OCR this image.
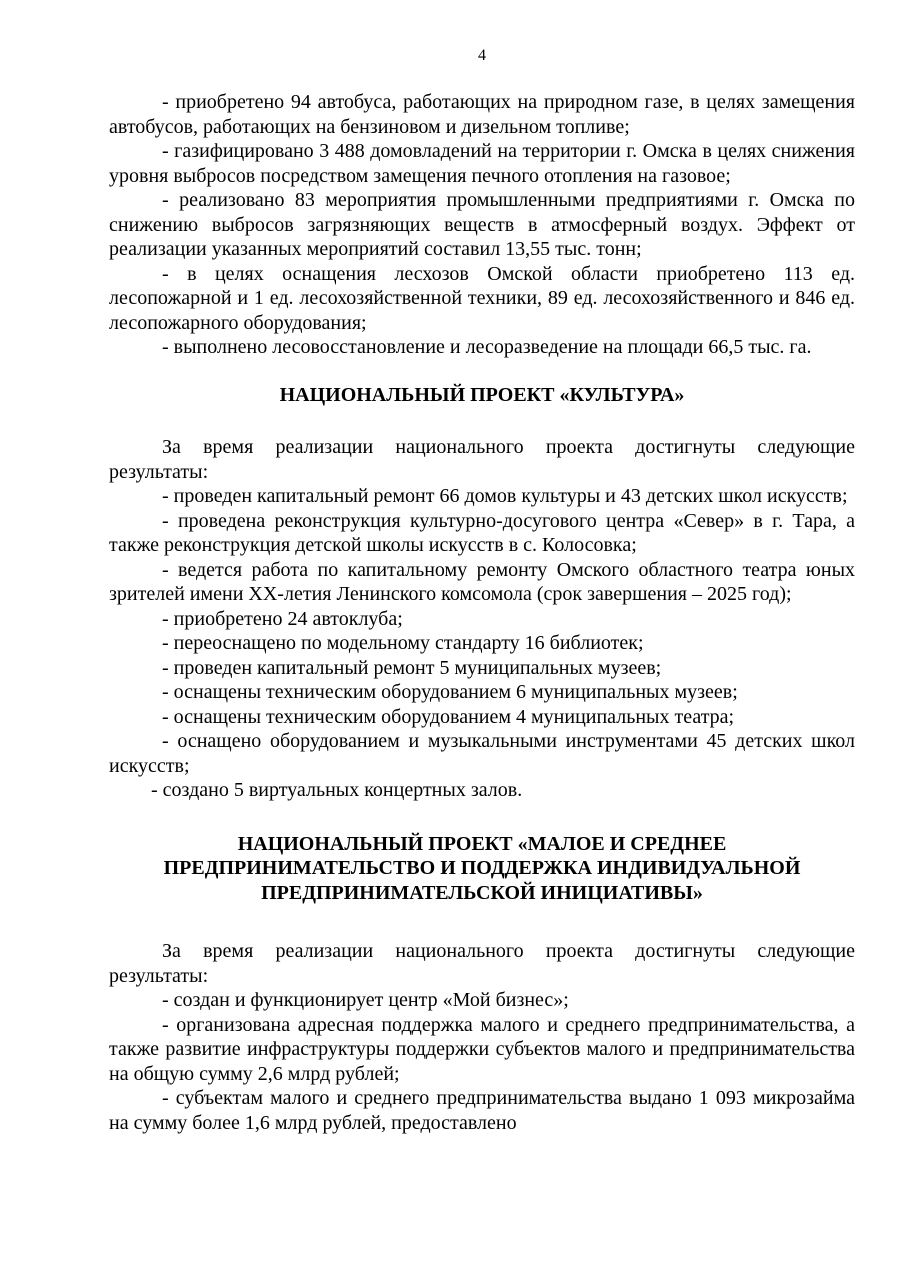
4

- приобретено 94 автобуса, работающих на природном газе, в целях замещения автобусов, работающих на бензиновом и дизельном топливе;

- газифицировано 3 488 домовладений на территории г. Омска в целях снижения уровня выбросов посредством замещения печного отопления на газовое;

- реализовано 83 мероприятия промышленными предприятиями г. Омска по снижению выбросов загрязняющих веществ в атмосферный воздух. Эффект от реализации указанных мероприятий составил 13,55 тыс. тонн;

- в целях оснащения лесхозов Омской области приобретено 113 ед. лесопожарной и 1 ед. лесохозяйственной техники, 89 ед. лесохозяйственного и 846 ед. лесопожарного оборудования;

- выполнено лесовосстановление и лесоразведение на площади 66,5 тыс. га.

НАЦИОНАЛЬНЫЙ ПРОЕКТ «КУЛЬТУРА»

За время реализации национального проекта достигнуты следующие результаты:

- проведен капитальный ремонт 66 домов культуры и 43 детских школ искусств;

- проведена реконструкция культурно-досугового центра «Север» в г. Тара, а также реконструкция детской школы искусств в с. Колосовка;

- ведется работа по капитальному ремонту Омского областного театра юных зрителей имени XX-летия Ленинского комсомола (срок завершения – 2025 год);

- приобретено 24 автоклуба;

- переоснащено по модельному стандарту 16 библиотек;

- проведен капитальный ремонт 5 муниципальных музеев;

- оснащены техническим оборудованием 6 муниципальных музеев;

- оснащены техническим оборудованием 4 муниципальных театра;

- оснащено оборудованием и музыкальными инструментами 45 детских школ искусств;

- создано 5 виртуальных концертных залов.

НАЦИОНАЛЬНЫЙ ПРОЕКТ «МАЛОЕ И СРЕДНЕЕ

ПРЕДПРИНИМАТЕЛЬСТВО И ПОДДЕРЖКА ИНДИВИДУАЛЬНОЙ

ПРЕДПРИНИМАТЕЛЬСКОЙ ИНИЦИАТИВЫ»

За время реализации национального проекта достигнуты следующие результаты:

- создан и функционирует центр «Мой бизнес»;

- организована адресная поддержка малого и среднего предпринимательства, а также развитие инфраструктуры поддержки субъектов малого и предпринимательства на общую сумму 2,6 млрд рублей;

- субъектам малого и среднего предпринимательства выдано 1 093 микрозайма на сумму более 1,6 млрд рублей, предоставлено
